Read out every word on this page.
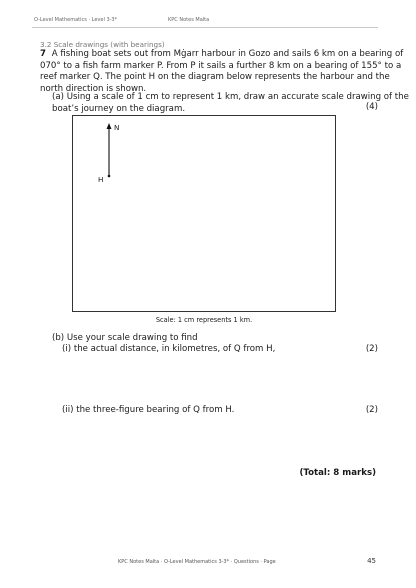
O-Level Mathematics · Level 3-3*	KPC Notes Malta
3.2 Scale drawings (with bearings)
7 A fishing boat sets out from Mġarr harbour in Gozo and sails 6 km on a bearing of
070° to a fish farm marker P. From P it sails a further 8 km on a bearing of 155° to a
reef marker Q. The point H on the diagram below represents the harbour and the
north direction is shown.
(a) Using a scale of 1 cm to represent 1 km, draw an accurate scale drawing of the
boat’s journey on the diagram.	(4)
N
H
Scale: 1 cm represents 1 km.
(b) Use your scale drawing to find
(i) the actual distance, in kilometres, of Q from H,	(2)
(ii) the three-figure bearing of Q from H.	(2)
(Total: 8 marks)
KPC Notes Malta · O-Level Mathematics 3-3* · Questions · Page	45
